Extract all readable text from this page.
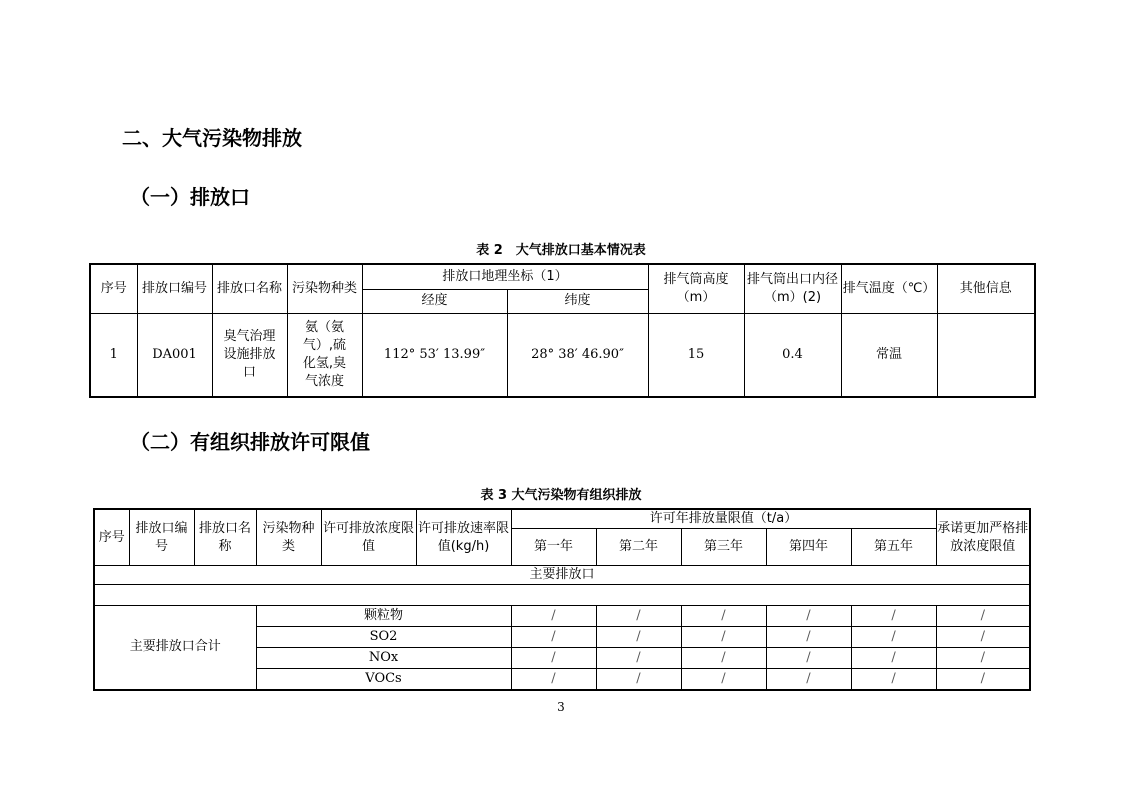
二、大气污染物排放
（一）排放口
表 2　大气排放口基本情况表
序号	排放口编号	排放口名称	污染物种类	排放口地理坐标（1）		排气筒高度（m）	排气筒出口内径（m）(2)	排气温度（℃）	其他信息
				经度	纬度				
1	DA001	臭气治理设施排放口	氨（氨气）,硫化氢,臭气浓度	112° 53′ 13.99″	28° 38′ 46.90″	15	0.4	常温	
（二）有组织排放许可限值
表 3 大气污染物有组织排放
序号	排放口编号	排放口名称	污染物种类	许可排放浓度限值	许可排放速率限值(kg/h)	许可年排放量限值（t/a）					承诺更加严格排放浓度限值
						第一年	第二年	第三年	第四年	第五年	
主要排放口											

主要排放口合计			颗粒物			/	/	/	/	/	/
			SO2			/	/	/	/	/	/
			NOx			/	/	/	/	/	/
			VOCs			/	/	/	/	/	/
3
